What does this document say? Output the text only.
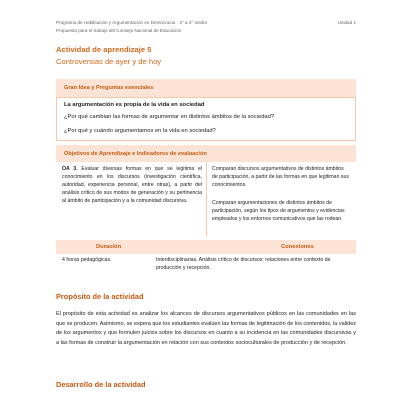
Programa de Habilitación y Argumentación en Democracia · 3° a 4° medio
Propuesta para el trabajo del Consejo Nacional de Educación
Unidad 1
Actividad de aprendizaje 5
Controversias de ayer y de hoy
Gran Idea y Preguntas esenciales
La argumentación es propia de la vida en sociedad
¿Por qué cambian las formas de argumentar en distintos ámbitos de la sociedad?
¿Por qué y cuándo argumentamos en la vida en sociedad?
Objetivos de Aprendizaje e Indicadores de evaluación
OA 3. Evaluar diversas formas en que se legitima el conocimiento en los discursos (investigación científica, autoridad, experiencia personal, entre otras), a partir del análisis crítico de sus modos de generación y su pertinencia al ámbito de participación y a la comunidad discursiva.
Comparan discursos argumentativos de distintos ámbitos de participación, a partir de las formas en que legitiman sus conocimientos.
Comparan argumentaciones de distintos ámbitos de participación, según los tipos de argumentos y evidencias empleados y los entornos comunicativos que las rodean.
Duración	Conexiones
4 horas pedagógicas.	Interdisciplinarias, Análisis crítico de discursos: relaciones entre contexto de producción y recepción.
Propósito de la actividad
El propósito de esta actividad es analizar los alcances de discursos argumentativos públicos en las comunidades en las que se producen. Asimismo, se espera que los estudiantes evalúen las formas de legitimación de los contenidos, la validez de los argumentos y que formulen juicios sobre los discursos en cuanto a su incidencia en las comunidades discursivas y a las formas de construir la argumentación en relación con sus contextos socioculturales de producción y de recepción.
Desarrollo de la actividad
